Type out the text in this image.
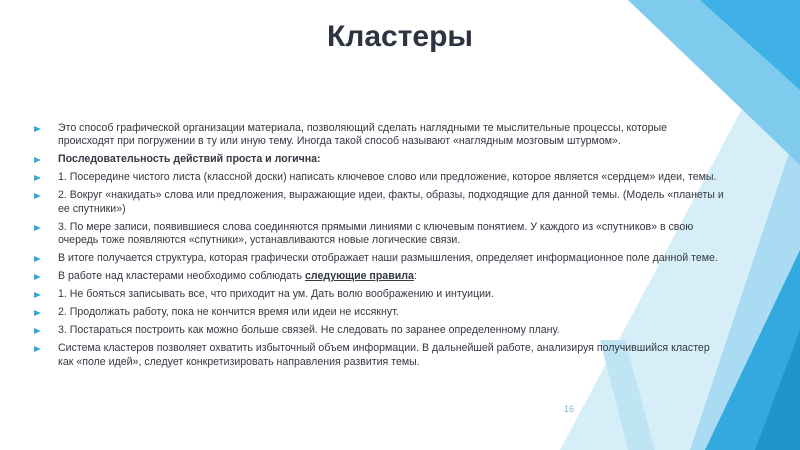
Кластеры
Это способ графической организации материала, позволяющий сделать наглядными те мыслительные процессы, которые происходят при погружении в ту или иную тему. Иногда такой способ называют «наглядным мозговым штурмом».
Последовательность действий проста и логична:
1. Посередине чистого листа (классной доски) написать ключевое слово или предложение, которое является «сердцем» идеи, темы.
2. Вокруг «накидать» слова или предложения, выражающие идеи, факты, образы, подходящие для данной темы. (Модель «планеты и ее спутники»)
3. По мере записи, появившиеся слова соединяются прямыми линиями с ключевым понятием. У каждого из «спутников» в свою очередь тоже появляются «спутники», устанавливаются новые логические связи.
В итоге получается структура, которая графически отображает наши размышления, определяет информационное поле данной теме.
В работе над кластерами необходимо соблюдать следующие правила:
1. Не бояться записывать все, что приходит на ум. Дать волю воображению и интуиции.
2. Продолжать работу, пока не кончится время или идеи не иссякнут.
3. Постараться построить как можно больше связей. Не следовать по заранее определенному плану.
Система кластеров позволяет охватить избыточный объем информации. В дальнейшей работе, анализируя получившийся кластер как «поле идей», следует конкретизировать направления развития темы.
16
